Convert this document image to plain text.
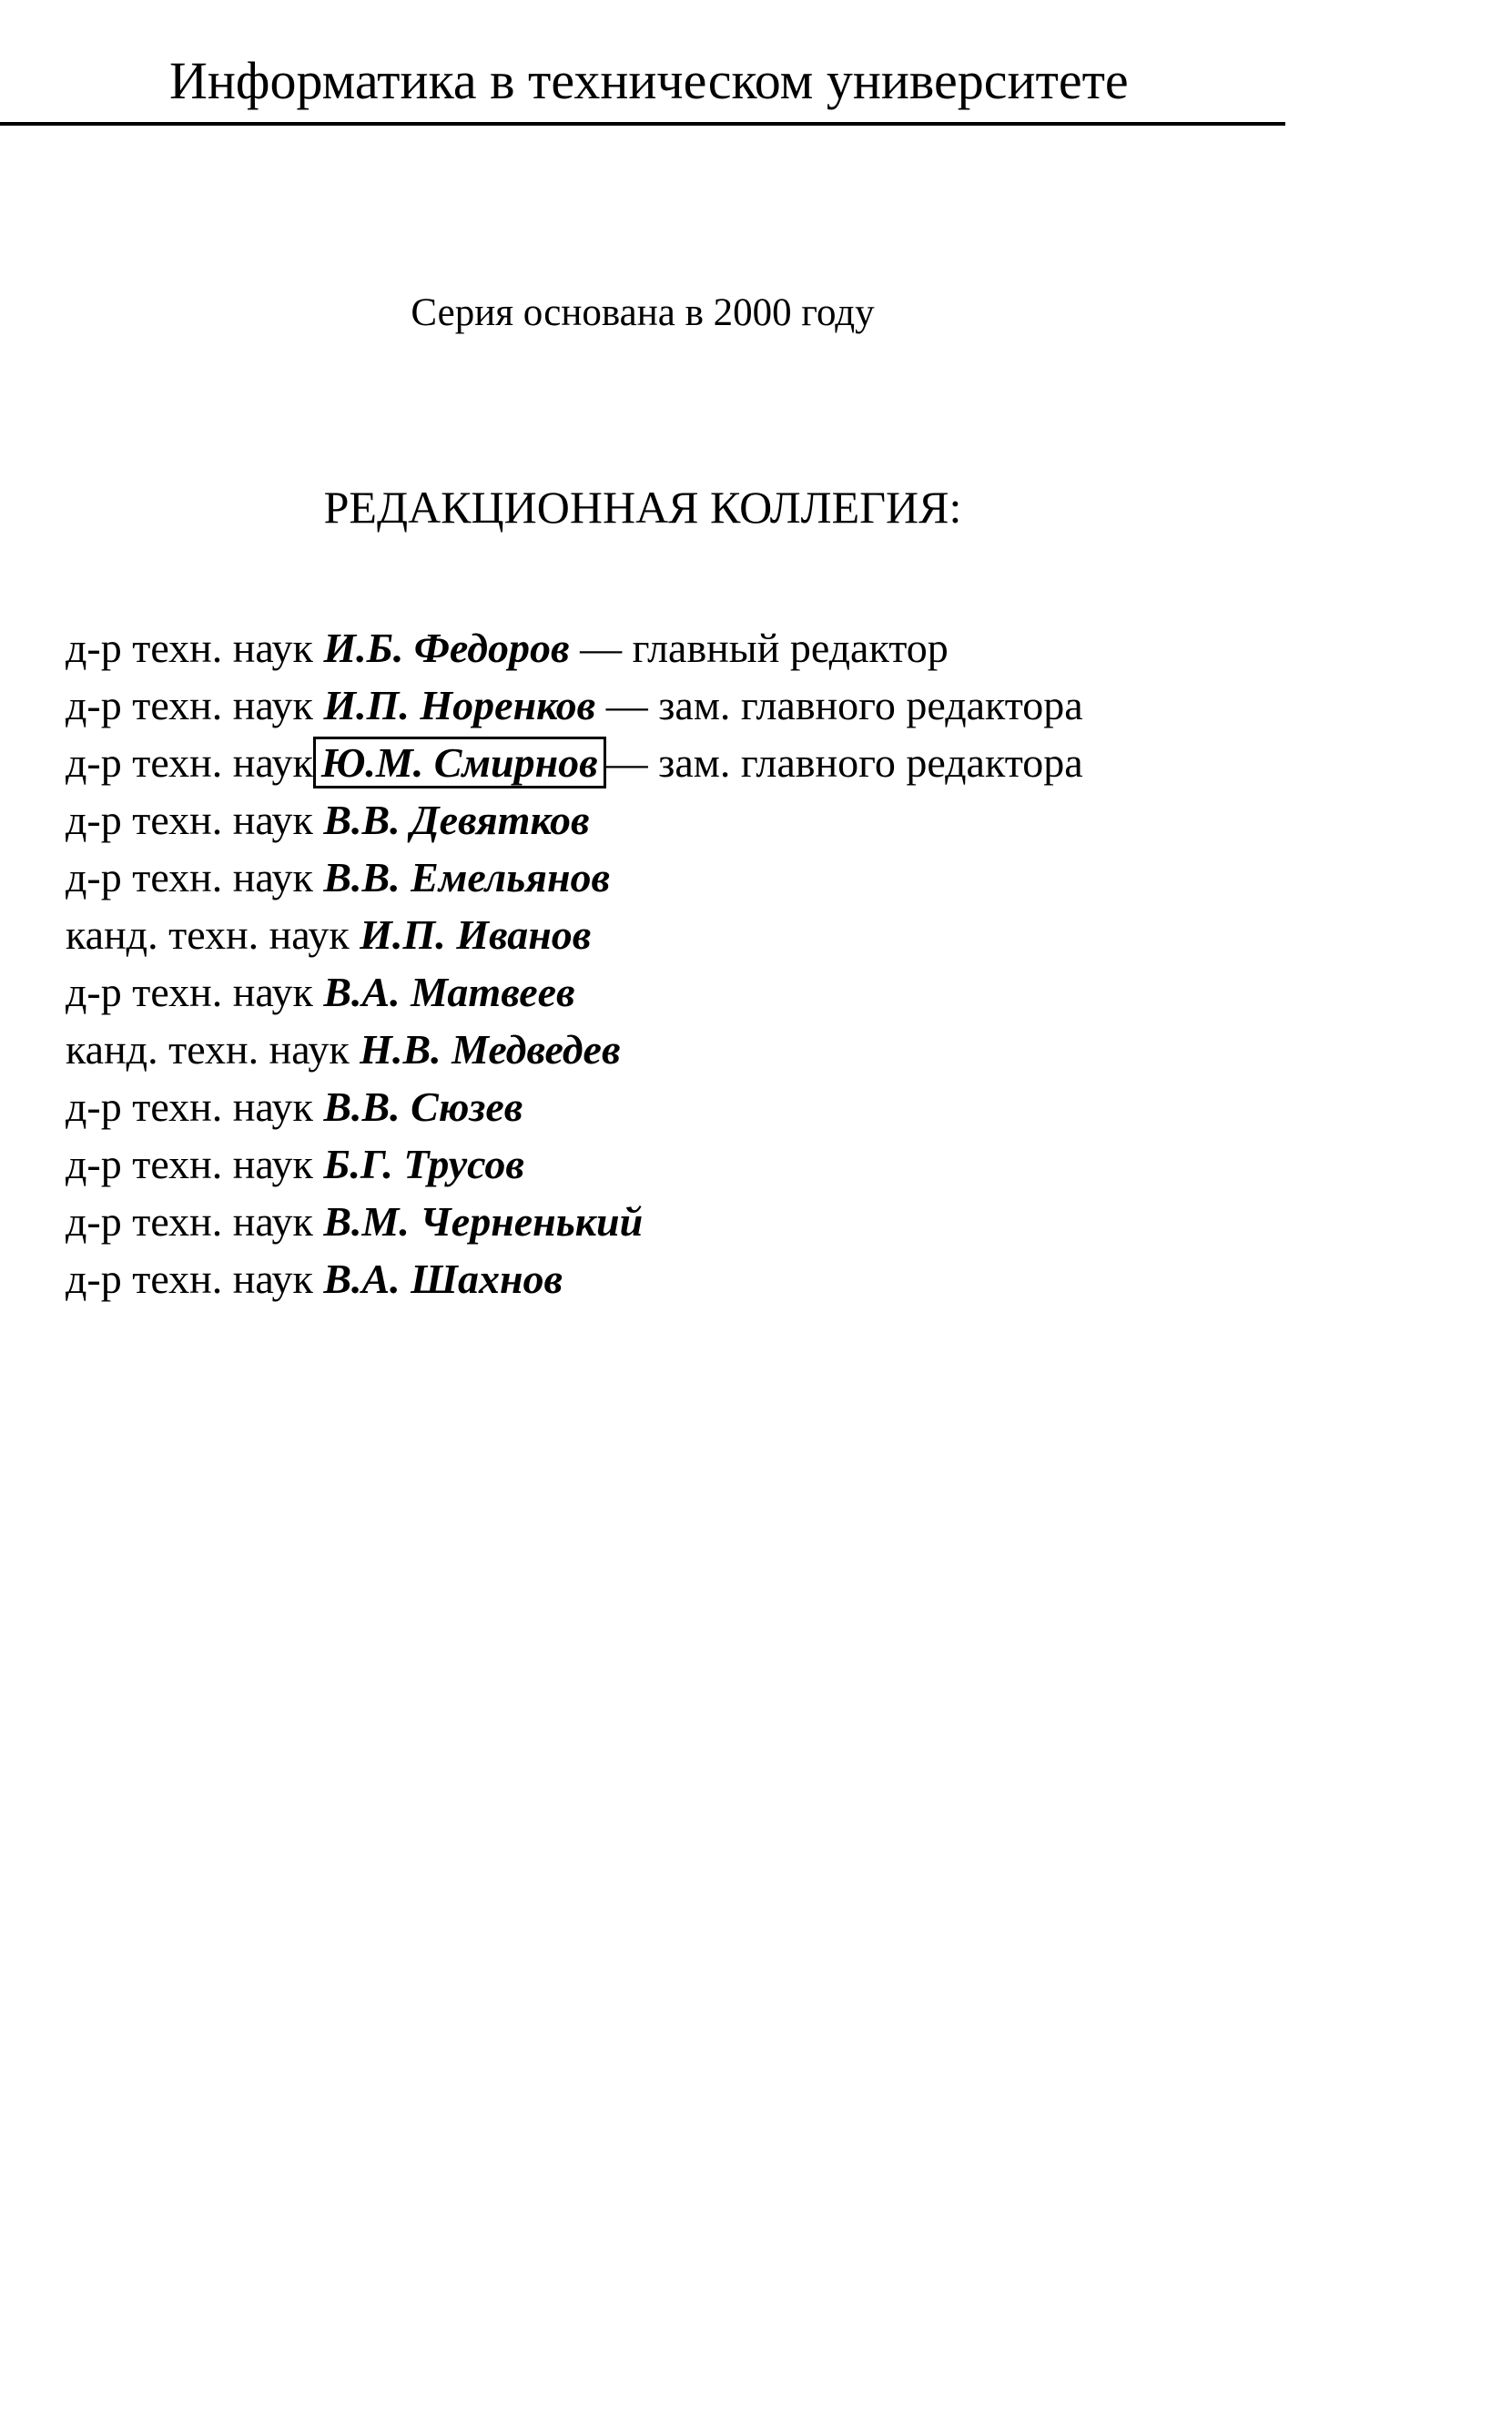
Информатика в техническом университете
Серия основана в 2000 году
РЕДАКЦИОННАЯ КОЛЛЕГИЯ:
д-р техн. наук И.Б. Федоров — главный редактор
д-р техн. наук И.П. Норенков — зам. главного редактора
д-р техн. наук Ю.М. Смирнов — зам. главного редактора
д-р техн. наук В.В. Девятков
д-р техн. наук В.В. Емельянов
канд. техн. наук И.П. Иванов
д-р техн. наук В.А. Матвеев
канд. техн. наук Н.В. Медведев
д-р техн. наук В.В. Сюзев
д-р техн. наук Б.Г. Трусов
д-р техн. наук В.М. Черненький
д-р техн. наук В.А. Шахнов
